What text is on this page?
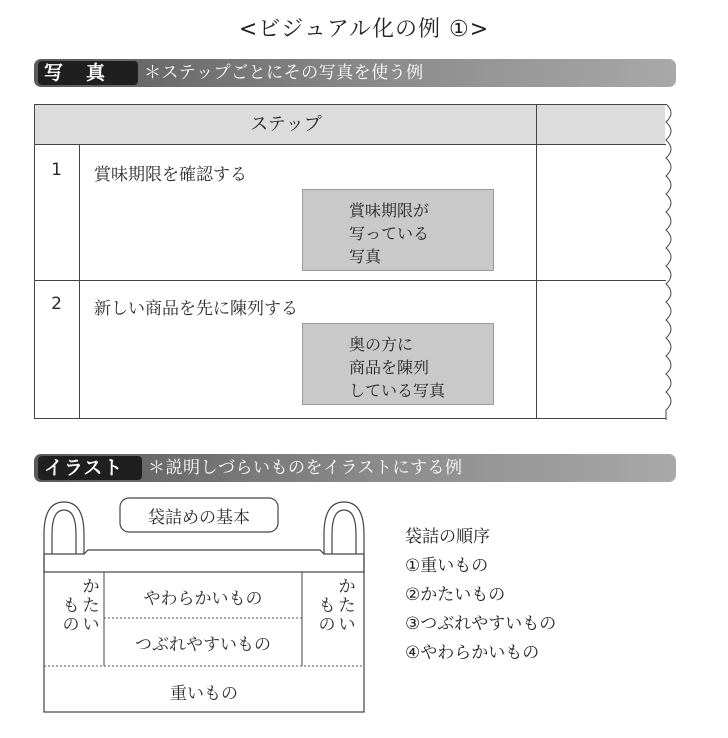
<ビジュアル化の例 ①>
写　真	＊ステップごとにその写真を使う例
ステップ
1	賞味期限を確認する
賞味期限が
写っている
写真
2	新しい商品を先に陳列する
奥の方に
商品を陳列
している写真
イラスト	＊説明しづらいものをイラストにする例
袋詰めの基本
か
た
い
も
の
か
た
い
も
の
やわらかいもの
つぶれやすいもの
重いもの
袋詰の順序
①重いもの
②かたいもの
③つぶれやすいもの
④やわらかいもの
